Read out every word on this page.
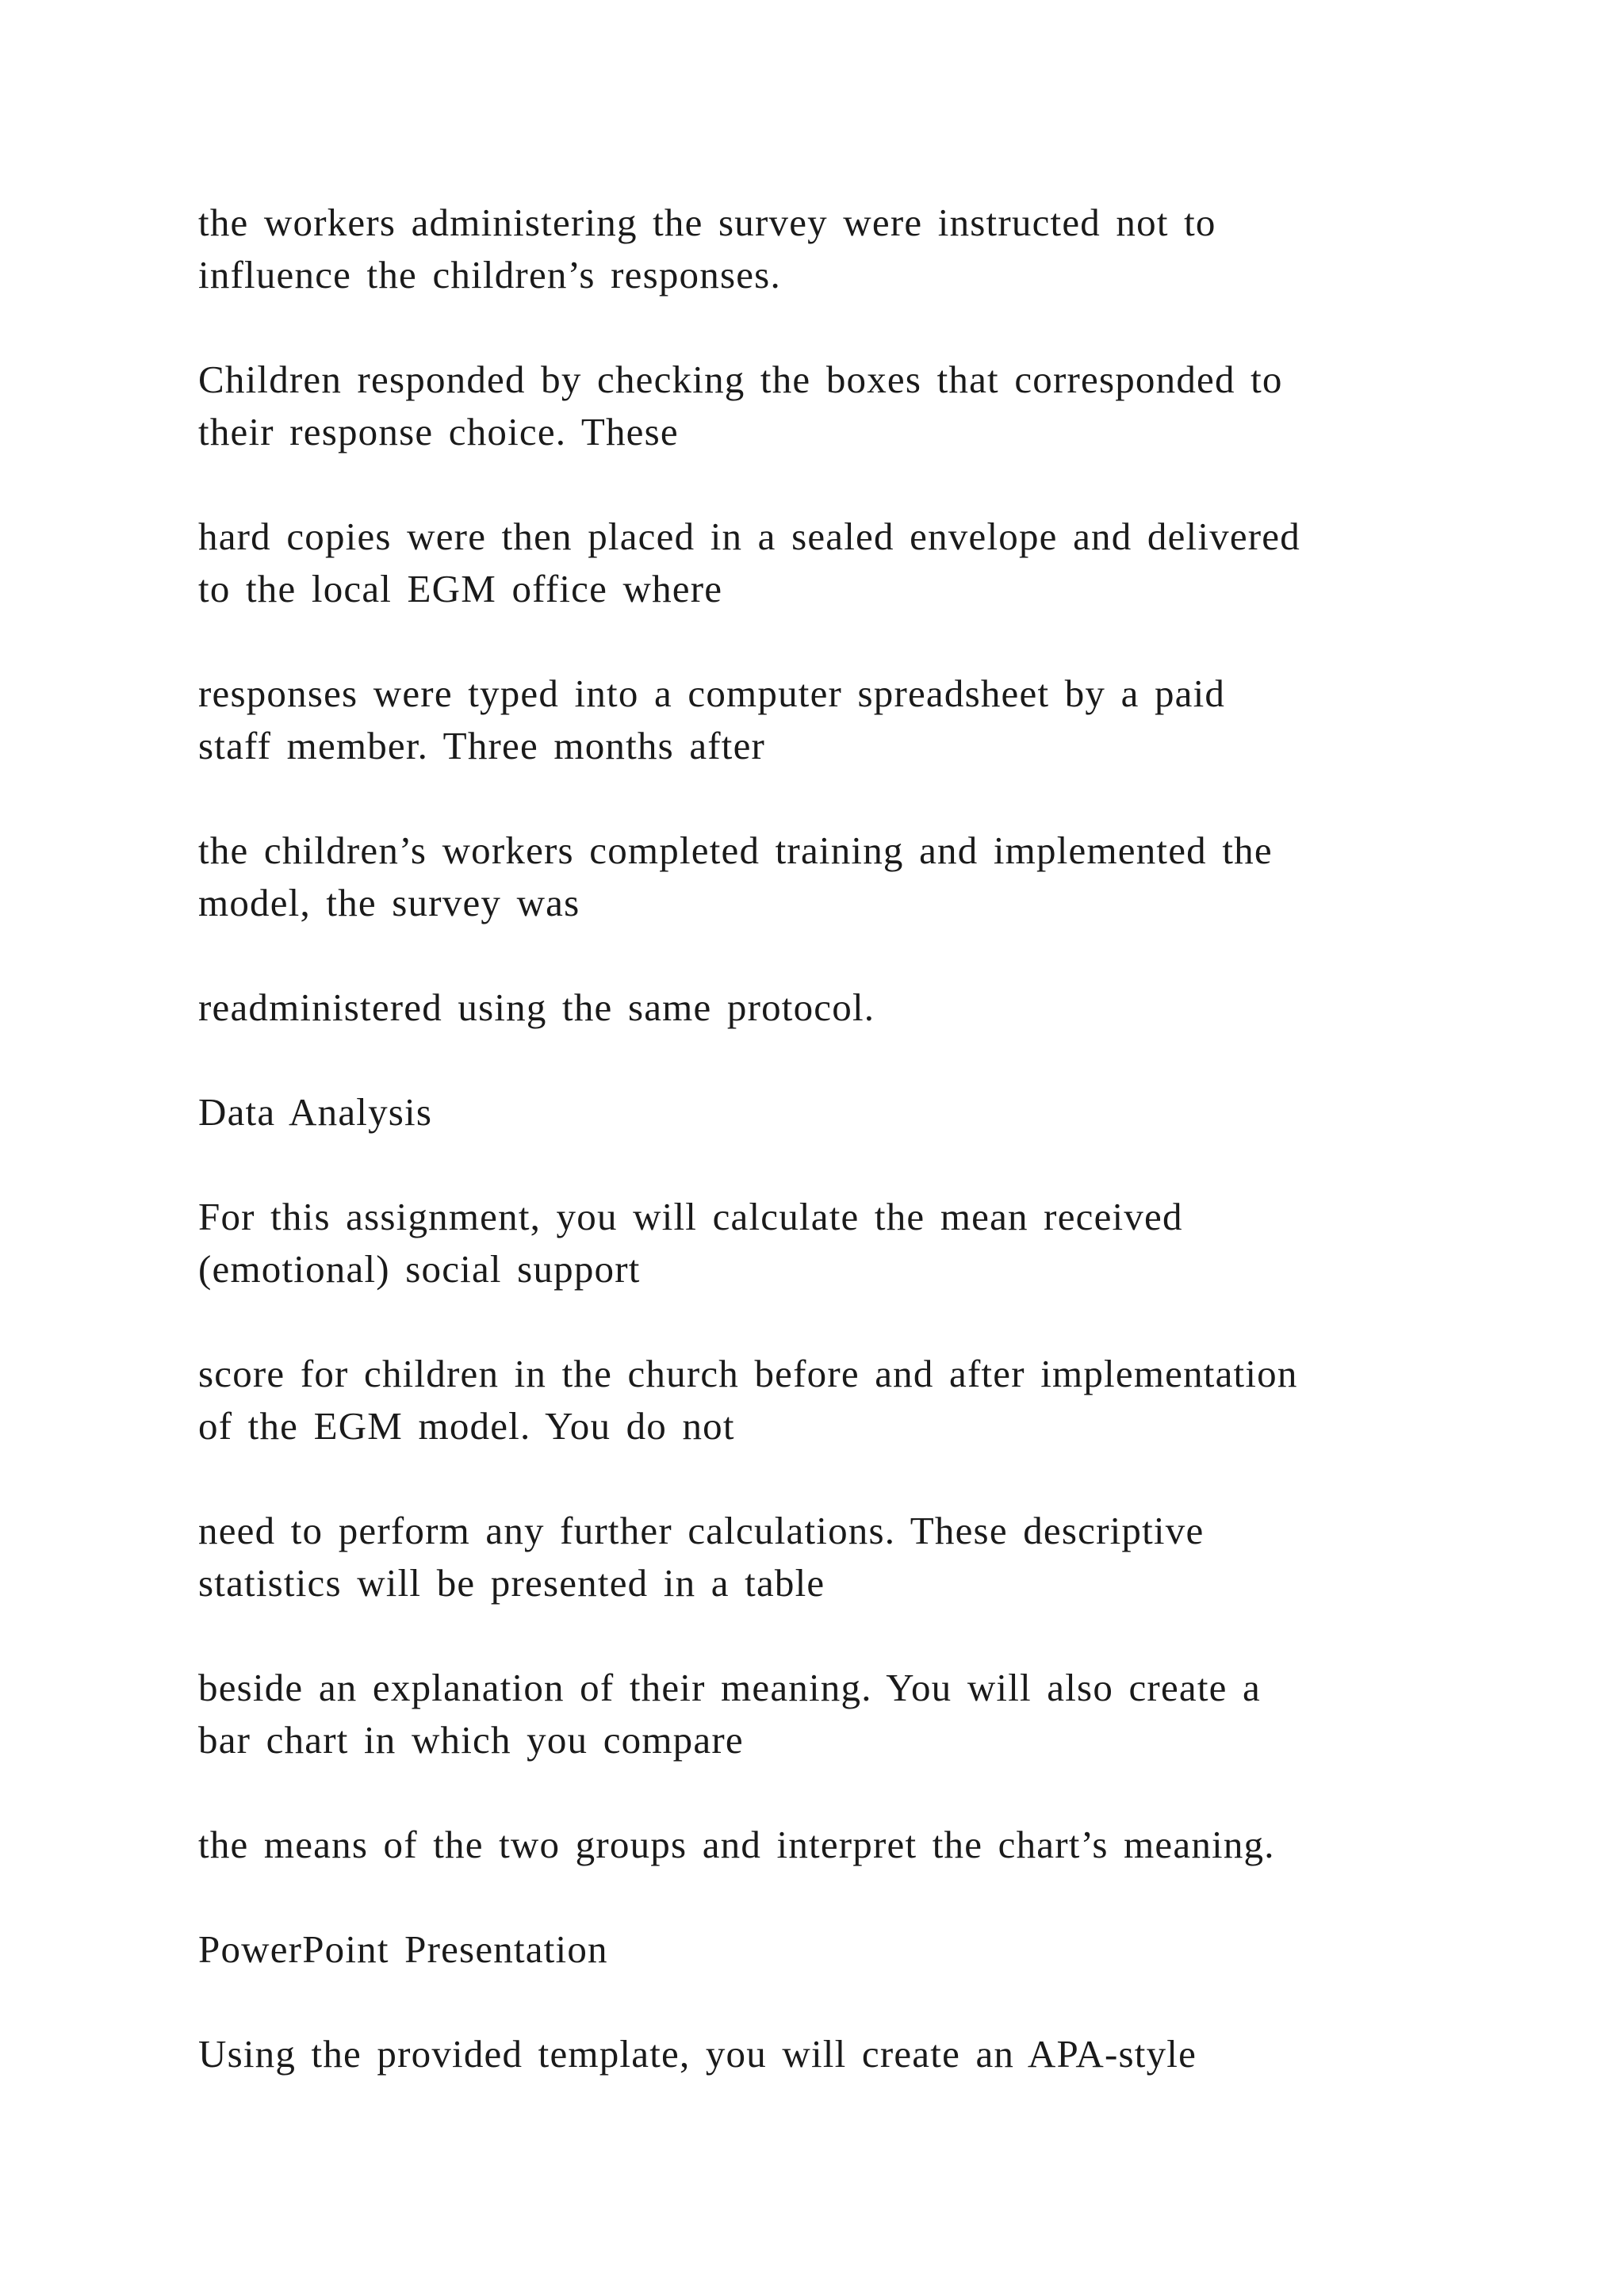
the workers administering the survey were instructed not to
influence the children’s responses.

Children responded by checking the boxes that corresponded to
their response choice. These

hard copies were then placed in a sealed envelope and delivered
to the local EGM office where

responses were typed into a computer spreadsheet by a paid
staff member. Three months after

the children’s workers completed training and implemented the
model, the survey was

readministered using the same protocol.

Data Analysis

For this assignment, you will calculate the mean received
(emotional) social support

score for children in the church before and after implementation
of the EGM model. You do not

need to perform any further calculations. These descriptive
statistics will be presented in a table

beside an explanation of their meaning. You will also create a
bar chart in which you compare

the means of the two groups and interpret the chart’s meaning.

PowerPoint Presentation

Using the provided template, you will create an APA-style
